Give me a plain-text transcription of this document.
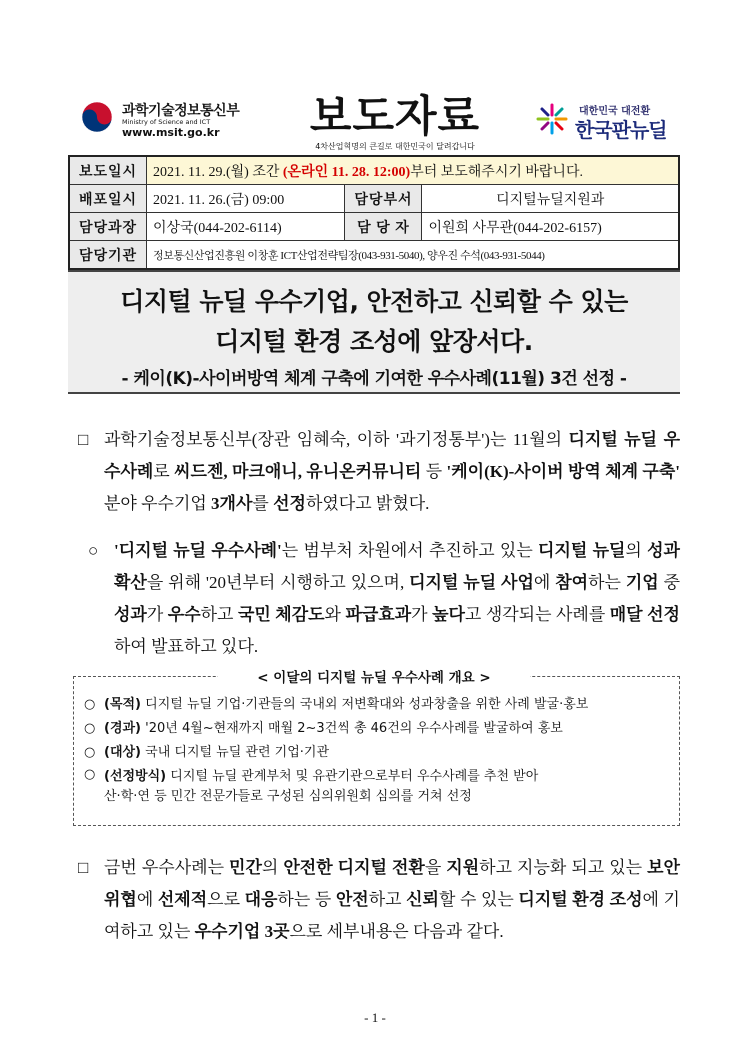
과학기술정보통신부
Ministry of Science and ICT
www.msit.go.kr 보도자료
4차산업혁명의 큰길로 대한민국이 달려갑니다
대한민국 대전환
한국판뉴딜
보도일시	2021. 11. 29.(월) 조간 (온라인 11. 28. 12:00)부터 보도해주시기 바랍니다.		
배포일시	2021. 11. 26.(금) 09:00	담당부서	디지털뉴딜지원과
담당과장	이상국(044-202-6114)	담 당 자	이원희 사무관(044-202-6157)
담당기관	정보통신산업진흥원 이창훈 ICT산업전략팀장(043-931-5040), 양우진 수석(043-931-5044)		
디지털 뉴딜 우수기업, 안전하고 신뢰할 수 있는
디지털 환경 조성에 앞장서다.
- 케이(K)-사이버방역 체계 구축에 기여한 우수사례(11월) 3건 선정 -
□ 과학기술정보통신부(장관 임혜숙, 이하 '과기정통부')는 11월의 디지털 뉴딜 우수사례로 씨드젠, 마크애니, 유니온커뮤니티 등 '케이(K)-사이버 방역 체계 구축' 분야 우수기업 3개사를 선정하였다고 밝혔다.
○ '디지털 뉴딜 우수사례'는 범부처 차원에서 추진하고 있는 디지털 뉴딜의 성과확산을 위해 '20년부터 시행하고 있으며, 디지털 뉴딜 사업에 참여하는 기업 중 성과가 우수하고 국민 체감도와 파급효과가 높다고 생각되는 사례를 매달 선정하여 발표하고 있다.
< 이달의 디지털 뉴딜 우수사례 개요 >
○ (목적) 디지털 뉴딜 기업·기관들의 국내외 저변확대와 성과창출을 위한 사례 발굴·홍보
○ (경과) '20년 4월~현재까지 매월 2~3건씩 총 46건의 우수사례를 발굴하여 홍보
○ (대상) 국내 디지털 뉴딜 관련 기업·기관
○ (선정방식) 디지털 뉴딜 관계부처 및 유관기관으로부터 우수사례를 추천 받아
산·학·연 등 민간 전문가들로 구성된 심의위원회 심의를 거쳐 선정
□ 금번 우수사례는 민간의 안전한 디지털 전환을 지원하고 지능화 되고 있는 보안위협에 선제적으로 대응하는 등 안전하고 신뢰할 수 있는 디지털 환경 조성에 기여하고 있는 우수기업 3곳으로 세부내용은 다음과 같다.
- 1 -
